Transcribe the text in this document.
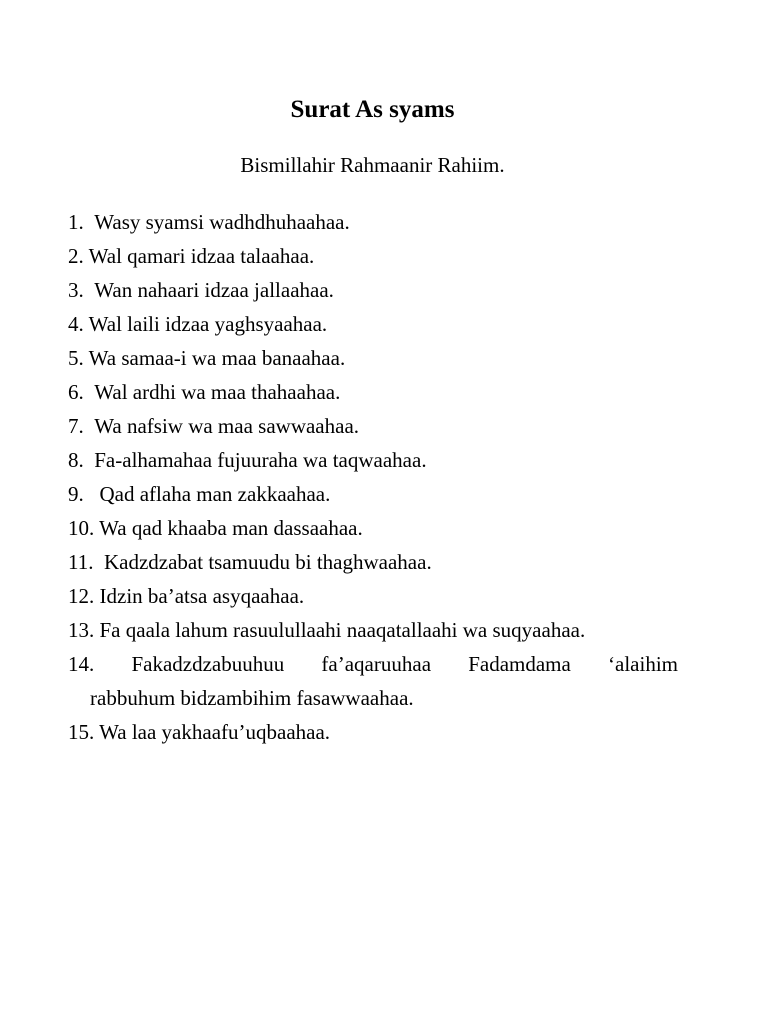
Surat As syams

Bismillahir Rahmaanir Rahiim.

1. Wasy syamsi wadhdhuhaahaa.
2. Wal qamari idzaa talaahaa.
3. Wan nahaari idzaa jallaahaa.
4. Wal laili idzaa yaghsyaahaa.
5. Wa samaa-i wa maa banaahaa.
6. Wal ardhi wa maa thahaahaa.
7. Wa nafsiw wa maa sawwaahaa.
8. Fa-alhamahaa fujuuraha wa taqwaahaa.
9. Qad aflaha man zakkaahaa.
10. Wa qad khaaba man dassaahaa.
11. Kadzdzabat tsamuudu bi thaghwaahaa.
12. Idzin ba’atsa asyqaahaa.
13. Fa qaala lahum rasuulullaahi naaqatallaahi wa suqyaahaa.
14. Fakadzdzabuuhuu fa’aqaruuhaa Fadamdama ‘alaihim
rabbuhum bidzambihim fasawwaahaa.
15. Wa laa yakhaafu’uqbaahaa.
